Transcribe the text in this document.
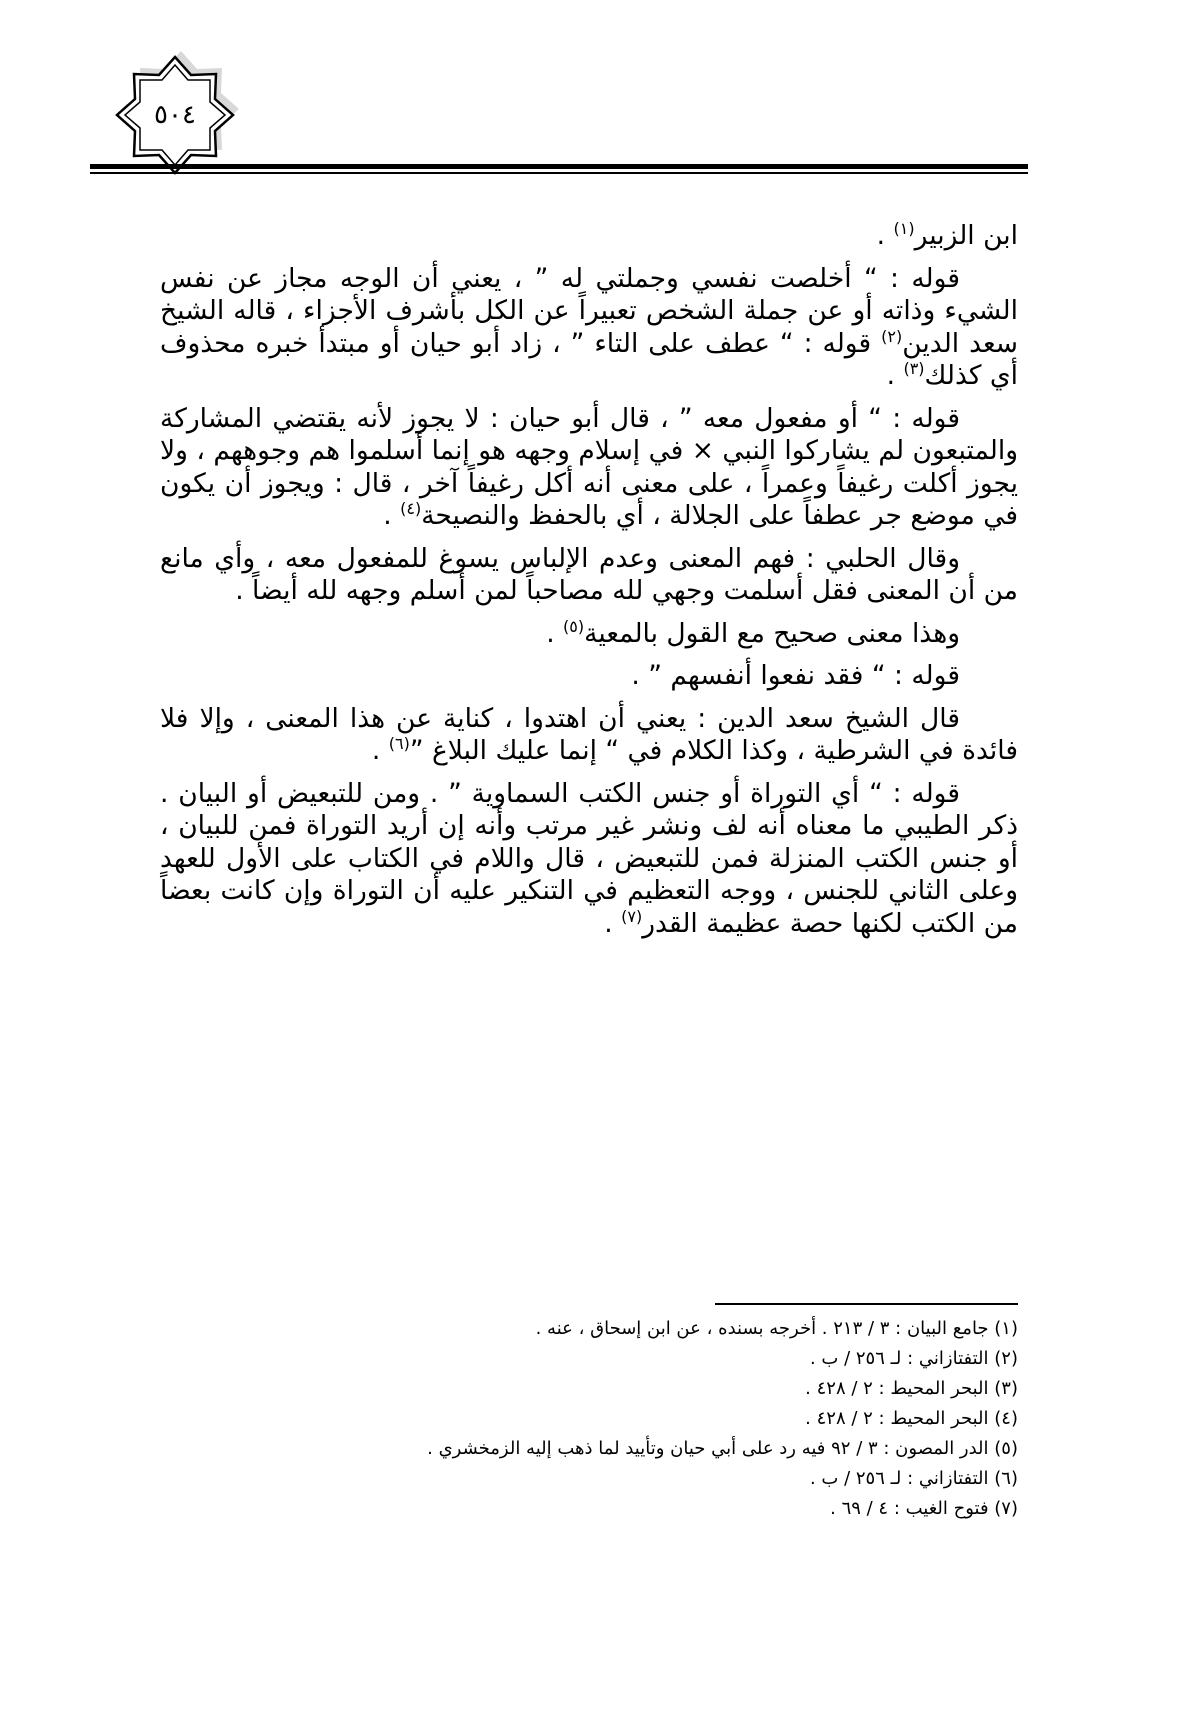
٥٠٤

ابن الزبير$^{(١)}$ .

قوله : “ أخلصت نفسي وجملتي له ” ، يعني أن الوجه مجاز عن نفس الشيء وذاته أو عن جملة الشخص تعبيراً عن الكل بأشرف الأجزاء ، قاله الشيخ سعد الدين$^{(٢)}$ قوله : “ عطف على التاء ” ، زاد أبو حيان أو مبتدأ خبره محذوف أي كذلك$^{(٣)}$ .

قوله : “ أو مفعول معه ” ، قال أبو حيان : لا يجوز لأنه يقتضي المشاركة والمتبعون لم يشاركوا النبي × في إسلام وجهه هو إنما أسلموا هم وجوههم ، ولا يجوز أكلت رغيفاً وعمراً ، على معنى أنه أكل رغيفاً آخر ، قال : ويجوز أن يكون في موضع جر عطفاً على الجلالة ، أي بالحفظ والنصيحة$^{(٤)}$ .

وقال الحلبي : فهم المعنى وعدم الإلباس يسوغ للمفعول معه ، وأي مانع من أن المعنى فقل أسلمت وجهي لله مصاحباً لمن أسلم وجهه لله أيضاً .

وهذا معنى صحيح مع القول بالمعية$^{(٥)}$ .

قوله : “ فقد نفعوا أنفسهم ” .

قال الشيخ سعد الدين : يعني أن اهتدوا ، كناية عن هذا المعنى ، وإلا فلا فائدة في الشرطية ، وكذا الكلام في “ إنما عليك البلاغ ”$^{(٦)}$ .

قوله : “ أي التوراة أو جنس الكتب السماوية ” . ومن للتبعيض أو البيان . ذكر الطيبي ما معناه أنه لف ونشر غير مرتب وأنه إن أريد التوراة فمن للبيان ، أو جنس الكتب المنزلة فمن للتبعيض ، قال واللام في الكتاب على الأول للعهد وعلى الثاني للجنس ، ووجه التعظيم في التنكير عليه أن التوراة وإن كانت بعضاً من الكتب لكنها حصة عظيمة القدر$^{(٧)}$ .

(١) جامع البيان : ٣ / ٢١٣ . أخرجه بسنده ، عن ابن إسحاق ، عنه .
(٢) التفتازاني : لـ ٢٥٦ / ب .
(٣) البحر المحيط : ٢ / ٤٢٨ .
(٤) البحر المحيط : ٢ / ٤٢٨ .
(٥) الدر المصون : ٣ / ٩٢ فيه رد على أبي حيان وتأييد لما ذهب إليه الزمخشري .
(٦) التفتازاني : لـ ٢٥٦ / ب .
(٧) فتوح الغيب : ٤ / ٦٩ .
